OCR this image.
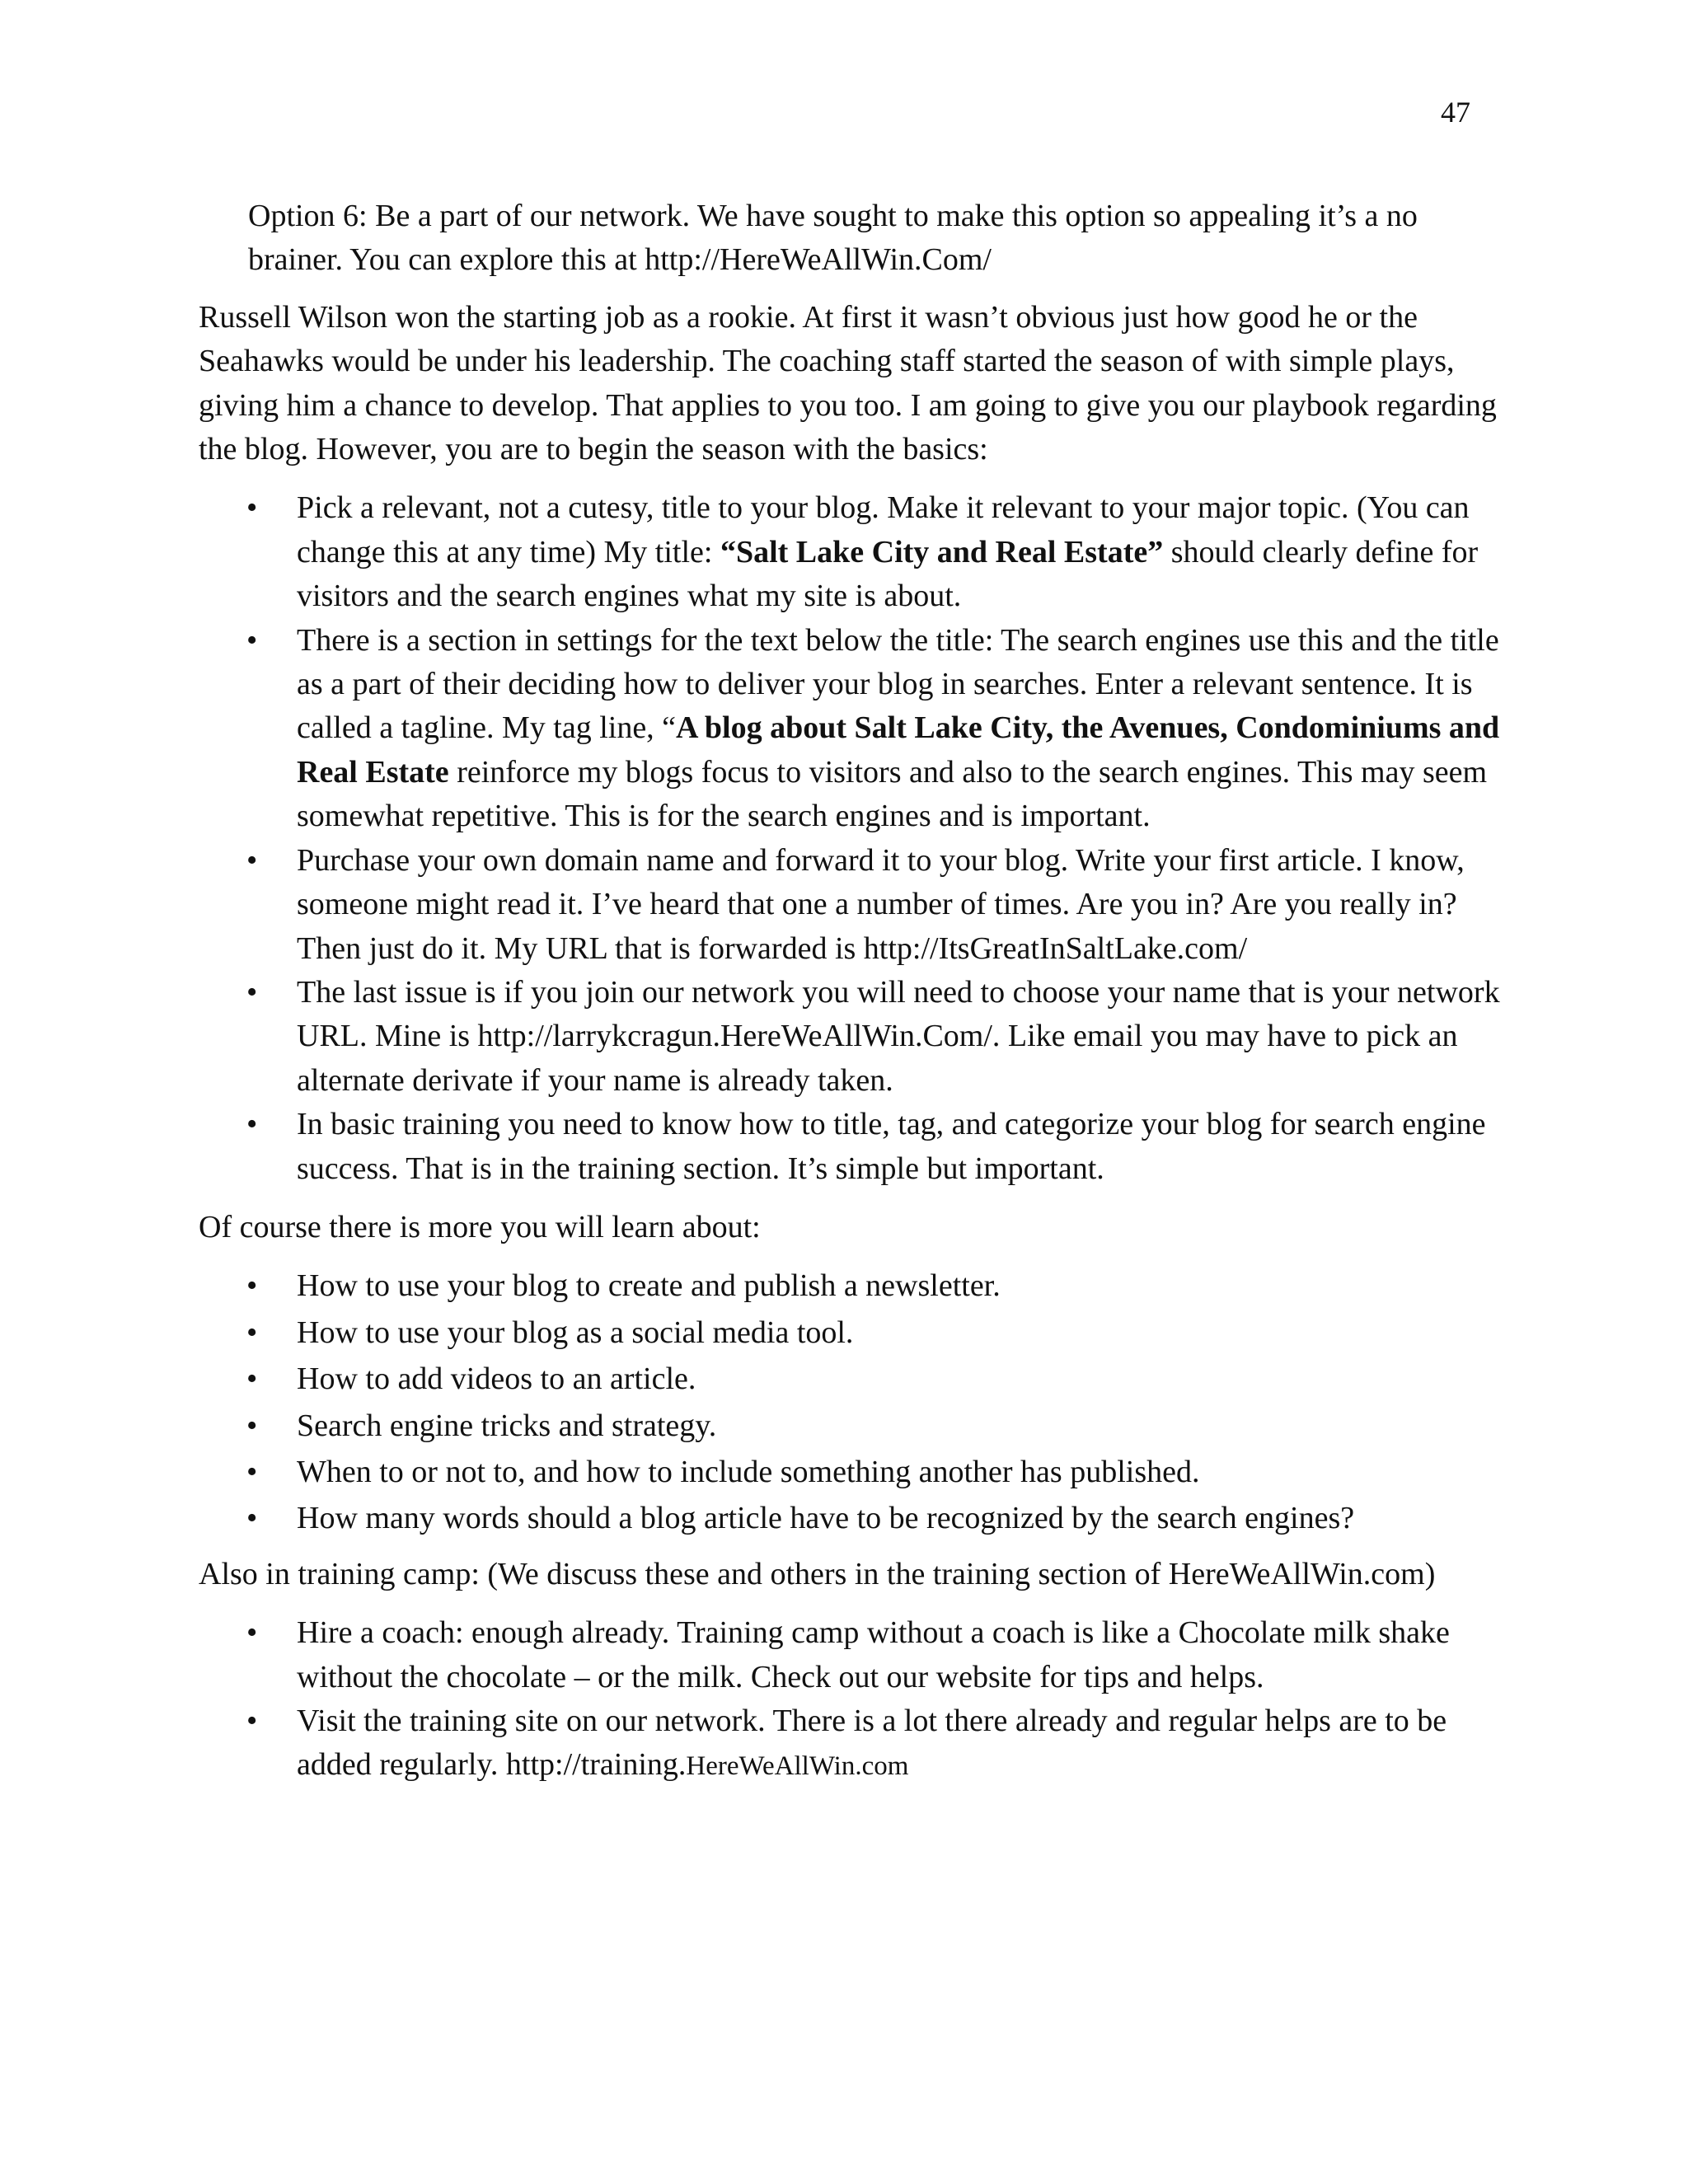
47

Option 6: Be a part of our network. We have sought to make this option so appealing it’s a no brainer. You can explore this at http://HereWeAllWin.Com/

Russell Wilson won the starting job as a rookie. At first it wasn’t obvious just how good he or the Seahawks would be under his leadership. The coaching staff started the season of with simple plays, giving him a chance to develop. That applies to you too. I am going to give you our playbook regarding the blog. However, you are to begin the season with the basics:

• Pick a relevant, not a cutesy, title to your blog. Make it relevant to your major topic. (You can change this at any time) My title: “Salt Lake City and Real Estate” should clearly define for visitors and the search engines what my site is about.
• There is a section in settings for the text below the title: The search engines use this and the title as a part of their deciding how to deliver your blog in searches. Enter a relevant sentence. It is called a tagline. My tag line, “A blog about Salt Lake City, the Avenues, Condominiums and Real Estate reinforce my blogs focus to visitors and also to the search engines. This may seem somewhat repetitive. This is for the search engines and is important.
• Purchase your own domain name and forward it to your blog. Write your first article. I know, someone might read it. I’ve heard that one a number of times. Are you in? Are you really in? Then just do it. My URL that is forwarded is http://ItsGreatInSaltLake.com/
• The last issue is if you join our network you will need to choose your name that is your network URL. Mine is http://larrykcragun.HereWeAllWin.Com/. Like email you may have to pick an alternate derivate if your name is already taken.
• In basic training you need to know how to title, tag, and categorize your blog for search engine success. That is in the training section. It’s simple but important.

Of course there is more you will learn about:

• How to use your blog to create and publish a newsletter.
• How to use your blog as a social media tool.
• How to add videos to an article.
• Search engine tricks and strategy.
• When to or not to, and how to include something another has published.
• How many words should a blog article have to be recognized by the search engines?

Also in training camp: (We discuss these and others in the training section of HereWeAllWin.com)

• Hire a coach: enough already. Training camp without a coach is like a Chocolate milk shake without the chocolate – or the milk. Check out our website for tips and helps.
• Visit the training site on our network. There is a lot there already and regular helps are to be added regularly. http://training.HereWeAllWin.com
